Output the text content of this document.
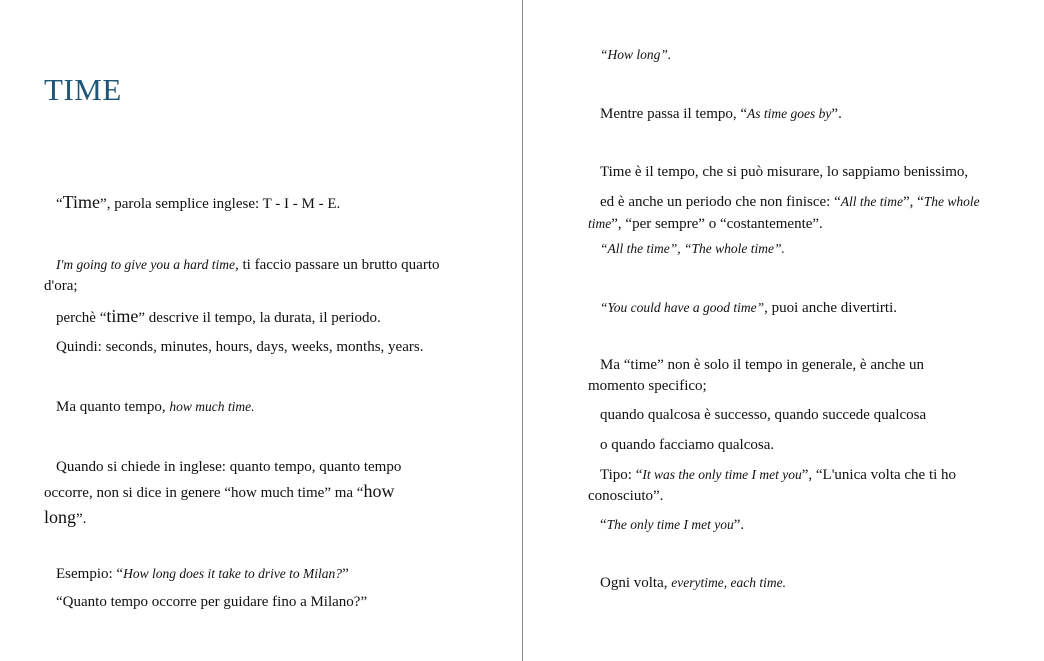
TIME
“Time”, parola semplice inglese: T - I - M - E.
I'm going to give you a hard time, ti faccio passare un brutto quarto d'ora;
perchè “time” descrive il tempo, la durata, il periodo.
Quindi: seconds, minutes, hours, days, weeks, months, years.
Ma quanto tempo, how much time.
Quando si chiede in inglese: quanto tempo, quanto tempo occorre, non si dice in genere “how much time” ma “how long”.
Esempio: “How long does it take to drive to Milan?”
“Quanto tempo occorre per guidare fino a Milano?”
“How long”.
Mentre passa il tempo, “As time goes by”.
Time è il tempo, che si può misurare, lo sappiamo benissimo,
ed è anche un periodo che non finisce: “All the time”, “The whole time”, “per sempre” o “costantemente”.
“All the time”, “The whole time”.
“You could have a good time”, puoi anche divertirti.
Ma “time” non è solo il tempo in generale, è anche un momento specifico;
quando qualcosa è successo, quando succede qualcosa
o quando facciamo qualcosa.
Tipo: “It was the only time I met you”, “L'unica volta che ti ho conosciuto”.
“The only time I met you”.
Ogni volta, everytime, each time.
